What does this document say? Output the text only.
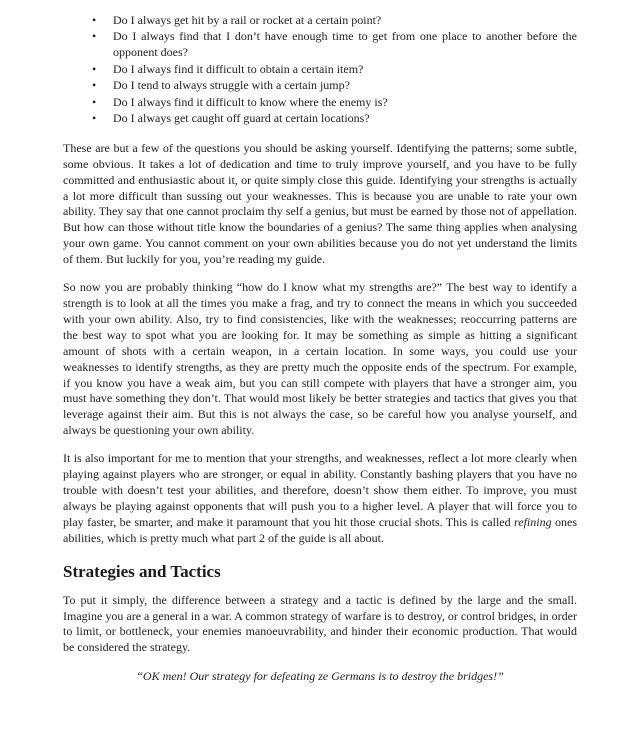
• Do I always get hit by a rail or rocket at a certain point?
• Do I always find that I don’t have enough time to get from one place to another before the opponent does?
• Do I always find it difficult to obtain a certain item?
• Do I tend to always struggle with a certain jump?
• Do I always find it difficult to know where the enemy is?
• Do I always get caught off guard at certain locations?

These are but a few of the questions you should be asking yourself. Identifying the patterns; some subtle, some obvious. It takes a lot of dedication and time to truly improve yourself, and you have to be fully committed and enthusiastic about it, or quite simply close this guide. Identifying your strengths is actually a lot more difficult than sussing out your weaknesses. This is because you are unable to rate your own ability. They say that one cannot proclaim thy self a genius, but must be earned by those not of appellation. But how can those without title know the boundaries of a genius? The same thing applies when analysing your own game. You cannot comment on your own abilities because you do not yet understand the limits of them. But luckily for you, you’re reading my guide.

So now you are probably thinking “how do I know what my strengths are?” The best way to identify a strength is to look at all the times you make a frag, and try to connect the means in which you succeeded with your own ability. Also, try to find consistencies, like with the weaknesses; reoccurring patterns are the best way to spot what you are looking for. It may be something as simple as hitting a significant amount of shots with a certain weapon, in a certain location. In some ways, you could use your weaknesses to identify strengths, as they are pretty much the opposite ends of the spectrum. For example, if you know you have a weak aim, but you can still compete with players that have a stronger aim, you must have something they don’t. That would most likely be better strategies and tactics that gives you that leverage against their aim. But this is not always the case, so be careful how you analyse yourself, and always be questioning your own ability.

It is also important for me to mention that your strengths, and weaknesses, reflect a lot more clearly when playing against players who are stronger, or equal in ability. Constantly bashing players that you have no trouble with doesn’t test your abilities, and therefore, doesn’t show them either. To improve, you must always be playing against opponents that will push you to a higher level. A player that will force you to play faster, be smarter, and make it paramount that you hit those crucial shots. This is called refining ones abilities, which is pretty much what part 2 of the guide is all about.

Strategies and Tactics

To put it simply, the difference between a strategy and a tactic is defined by the large and the small. Imagine you are a general in a war. A common strategy of warfare is to destroy, or control bridges, in order to limit, or bottleneck, your enemies manoeuvrability, and hinder their economic production. That would be considered the strategy.

“OK men! Our strategy for defeating ze Germans is to destroy the bridges!”
